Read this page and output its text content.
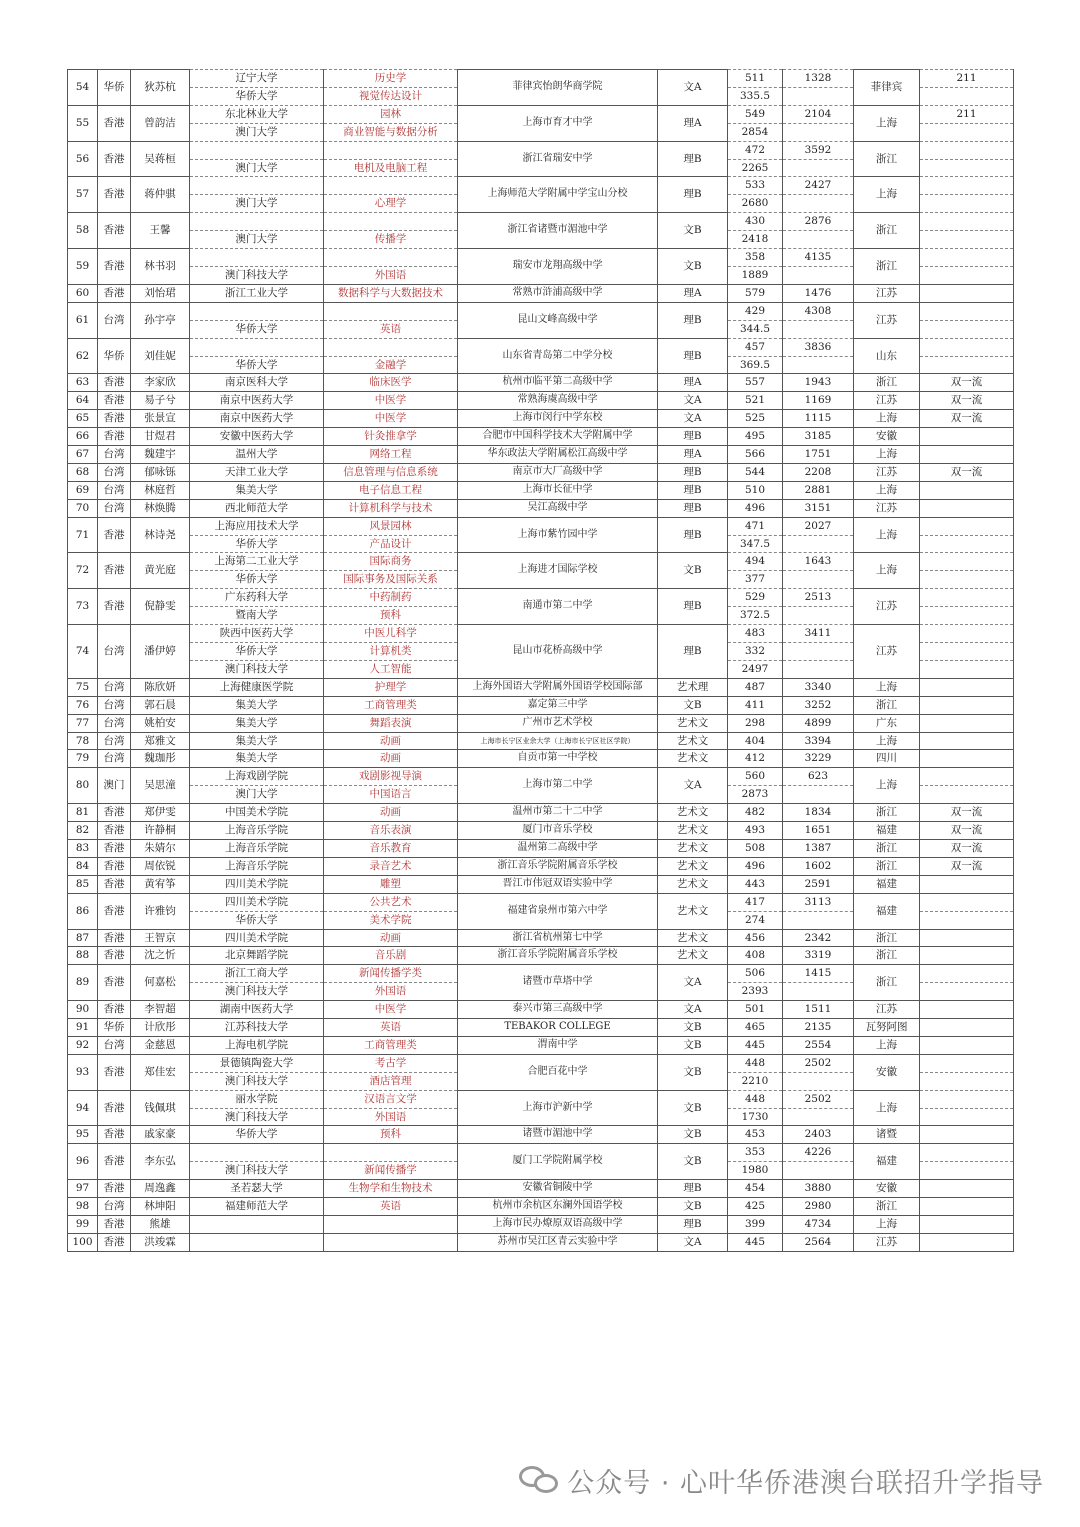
54	华侨	狄苏杭	辽宁大学	历史学	菲律宾怡朗华商学院	文A	511	1328	菲律宾	211
			华侨大学	视觉传达设计			335.5			
55	香港	曾韵洁	东北林业大学	园林	上海市育才中学	理A	549	2104	上海	211
			澳门大学	商业智能与数据分析			2854			
56	香港	吴蒋桓			浙江省瑞安中学	理B	472	3592	浙江	
			澳门大学	电机及电脑工程			2265			
57	香港	蒋仲骐			上海师范大学附属中学宝山分校	理B	533	2427	上海	
			澳门大学	心理学			2680			
58	香港	王馨			浙江省诸暨市湄池中学	文B	430	2876	浙江	
			澳门大学	传播学			2418			
59	香港	林书羽			瑞安市龙翔高级中学	文B	358	4135	浙江	
			澳门科技大学	外国语			1889			
60	香港	刘怡珺	浙江工业大学	数据科学与大数据技术	常熟市浒浦高级中学	理A	579	1476	江苏	
61	台湾	孙宇亭			昆山文峰高级中学	理B	429	4308	江苏	
			华侨大学	英语			344.5			
62	华侨	刘佳妮			山东省青岛第二中学分校	理B	457	3836	山东	
			华侨大学	金融学			369.5			
63	香港	李家欣	南京医科大学	临床医学	杭州市临平第二高级中学	理A	557	1943	浙江	双一流
64	香港	易子兮	南京中医药大学	中医学	常熟海虞高级中学	文A	521	1169	江苏	双一流
65	香港	张景宣	南京中医药大学	中医学	上海市闵行中学东校	文A	525	1115	上海	双一流
66	香港	甘煜君	安徽中医药大学	针灸推拿学	合肥市中国科学技术大学附属中学	理B	495	3185	安徽	
67	台湾	魏建宇	温州大学	网络工程	华东政法大学附属松江高级中学	理A	566	1751	上海	
68	台湾	郁咏铄	天津工业大学	信息管理与信息系统	南京市大厂高级中学	理B	544	2208	江苏	双一流
69	台湾	林庭哲	集美大学	电子信息工程	上海市长征中学	理B	510	2881	上海	
70	台湾	林焕腾	西北师范大学	计算机科学与技术	吴江高级中学	理B	496	3151	江苏	
71	香港	林诗尧	上海应用技术大学	风景园林	上海市紫竹园中学	理B	471	2027	上海	
			华侨大学	产品设计			347.5			
72	香港	黄光庭	上海第二工业大学	国际商务	上海进才国际学校	文B	494	1643	上海	
			华侨大学	国际事务及国际关系			377			
73	香港	倪静雯	广东药科大学	中药制药	南通市第二中学	理B	529	2513	江苏	
			暨南大学	预科			372.5			
74	台湾	潘伊婷	陕西中医药大学	中医儿科学	昆山市花桥高级中学	理B	483	3411	江苏	
			华侨大学	计算机类			332			
			澳门科技大学	人工智能			2497			
75	台湾	陈欣妍	上海健康医学院	护理学	上海外国语大学附属外国语学校国际部	艺术理	487	3340	上海	
76	台湾	郭石晨	集美大学	工商管理类	嘉定第三中学	文B	411	3252	浙江	
77	台湾	姚柏安	集美大学	舞蹈表演	广州市艺术学校	艺术文	298	4899	广东	
78	台湾	郑雅文	集美大学	动画	上海市长宁区业余大学（上海市长宁区社区学院）	艺术文	404	3394	上海	
79	台湾	魏珈彤	集美大学	动画	自贡市第一中学校	艺术文	412	3229	四川	
80	澳门	吴思潼	上海戏剧学院	戏剧影视导演	上海市第二中学	文A	560	623	上海	
			澳门大学	中国语言			2873			
81	香港	郑伊雯	中国美术学院	动画	温州市第二十二中学	艺术文	482	1834	浙江	双一流
82	香港	许静桐	上海音乐学院	音乐表演	厦门市音乐学校	艺术文	493	1651	福建	双一流
83	香港	朱婧尔	上海音乐学院	音乐教育	温州第二高级中学	艺术文	508	1387	浙江	双一流
84	香港	周依锐	上海音乐学院	录音艺术	浙江音乐学院附属音乐学校	艺术文	496	1602	浙江	双一流
85	香港	黄宥筝	四川美术学院	雕塑	晋江市伟冠双语实验中学	艺术文	443	2591	福建	
86	香港	许雅钧	四川美术学院	公共艺术	福建省泉州市第六中学	艺术文	417	3113	福建	
			华侨大学	美术学院			274			
87	香港	王智京	四川美术学院	动画	浙江省杭州第七中学	艺术文	456	2342	浙江	
88	香港	沈之忻	北京舞蹈学院	音乐剧	浙江音乐学院附属音乐学校	艺术文	408	3319	浙江	
89	香港	何嘉松	浙江工商大学	新闻传播学类	诸暨市草塔中学	文A	506	1415	浙江	
			澳门科技大学	外国语			2393			
90	香港	李智超	湖南中医药大学	中医学	泰兴市第三高级中学	文A	501	1511	江苏	
91	华侨	计欣彤	江苏科技大学	英语	TEBAKOR COLLEGE	文B	465	2135	瓦努阿图	
92	台湾	金慈恩	上海电机学院	工商管理类	渭南中学	文B	445	2554	上海	
93	香港	郑佳宏	景德镇陶瓷大学	考古学	合肥百花中学	文B	448	2502	安徽	
			澳门科技大学	酒店管理			2210			
94	香港	钱佩琪	丽水学院	汉语言文学	上海市沪新中学	文B	448	2502	上海	
			澳门科技大学	外国语			1730			
95	香港	戚家豪	华侨大学	预科	诸暨市湄池中学	文B	453	2403	诸暨	
96	香港	李东弘			厦门工学院附属学校	文B	353	4226	福建	
			澳门科技大学	新闻传播学			1980			
97	香港	周逸鑫	圣若瑟大学	生物学和生物技术	安徽省铜陵中学	理B	454	3880	安徽	
98	台湾	林坤阳	福建师范大学	英语	杭州市余杭区东澜外国语学校	文B	425	2980	浙江	
99	香港	熊雄			上海市民办燎原双语高级中学	理B	399	4734	上海	
100	香港	洪竣霖			苏州市吴江区青云实验中学	文A	445	2564	江苏	
公众号 · 心叶华侨港澳台联招升学指导
